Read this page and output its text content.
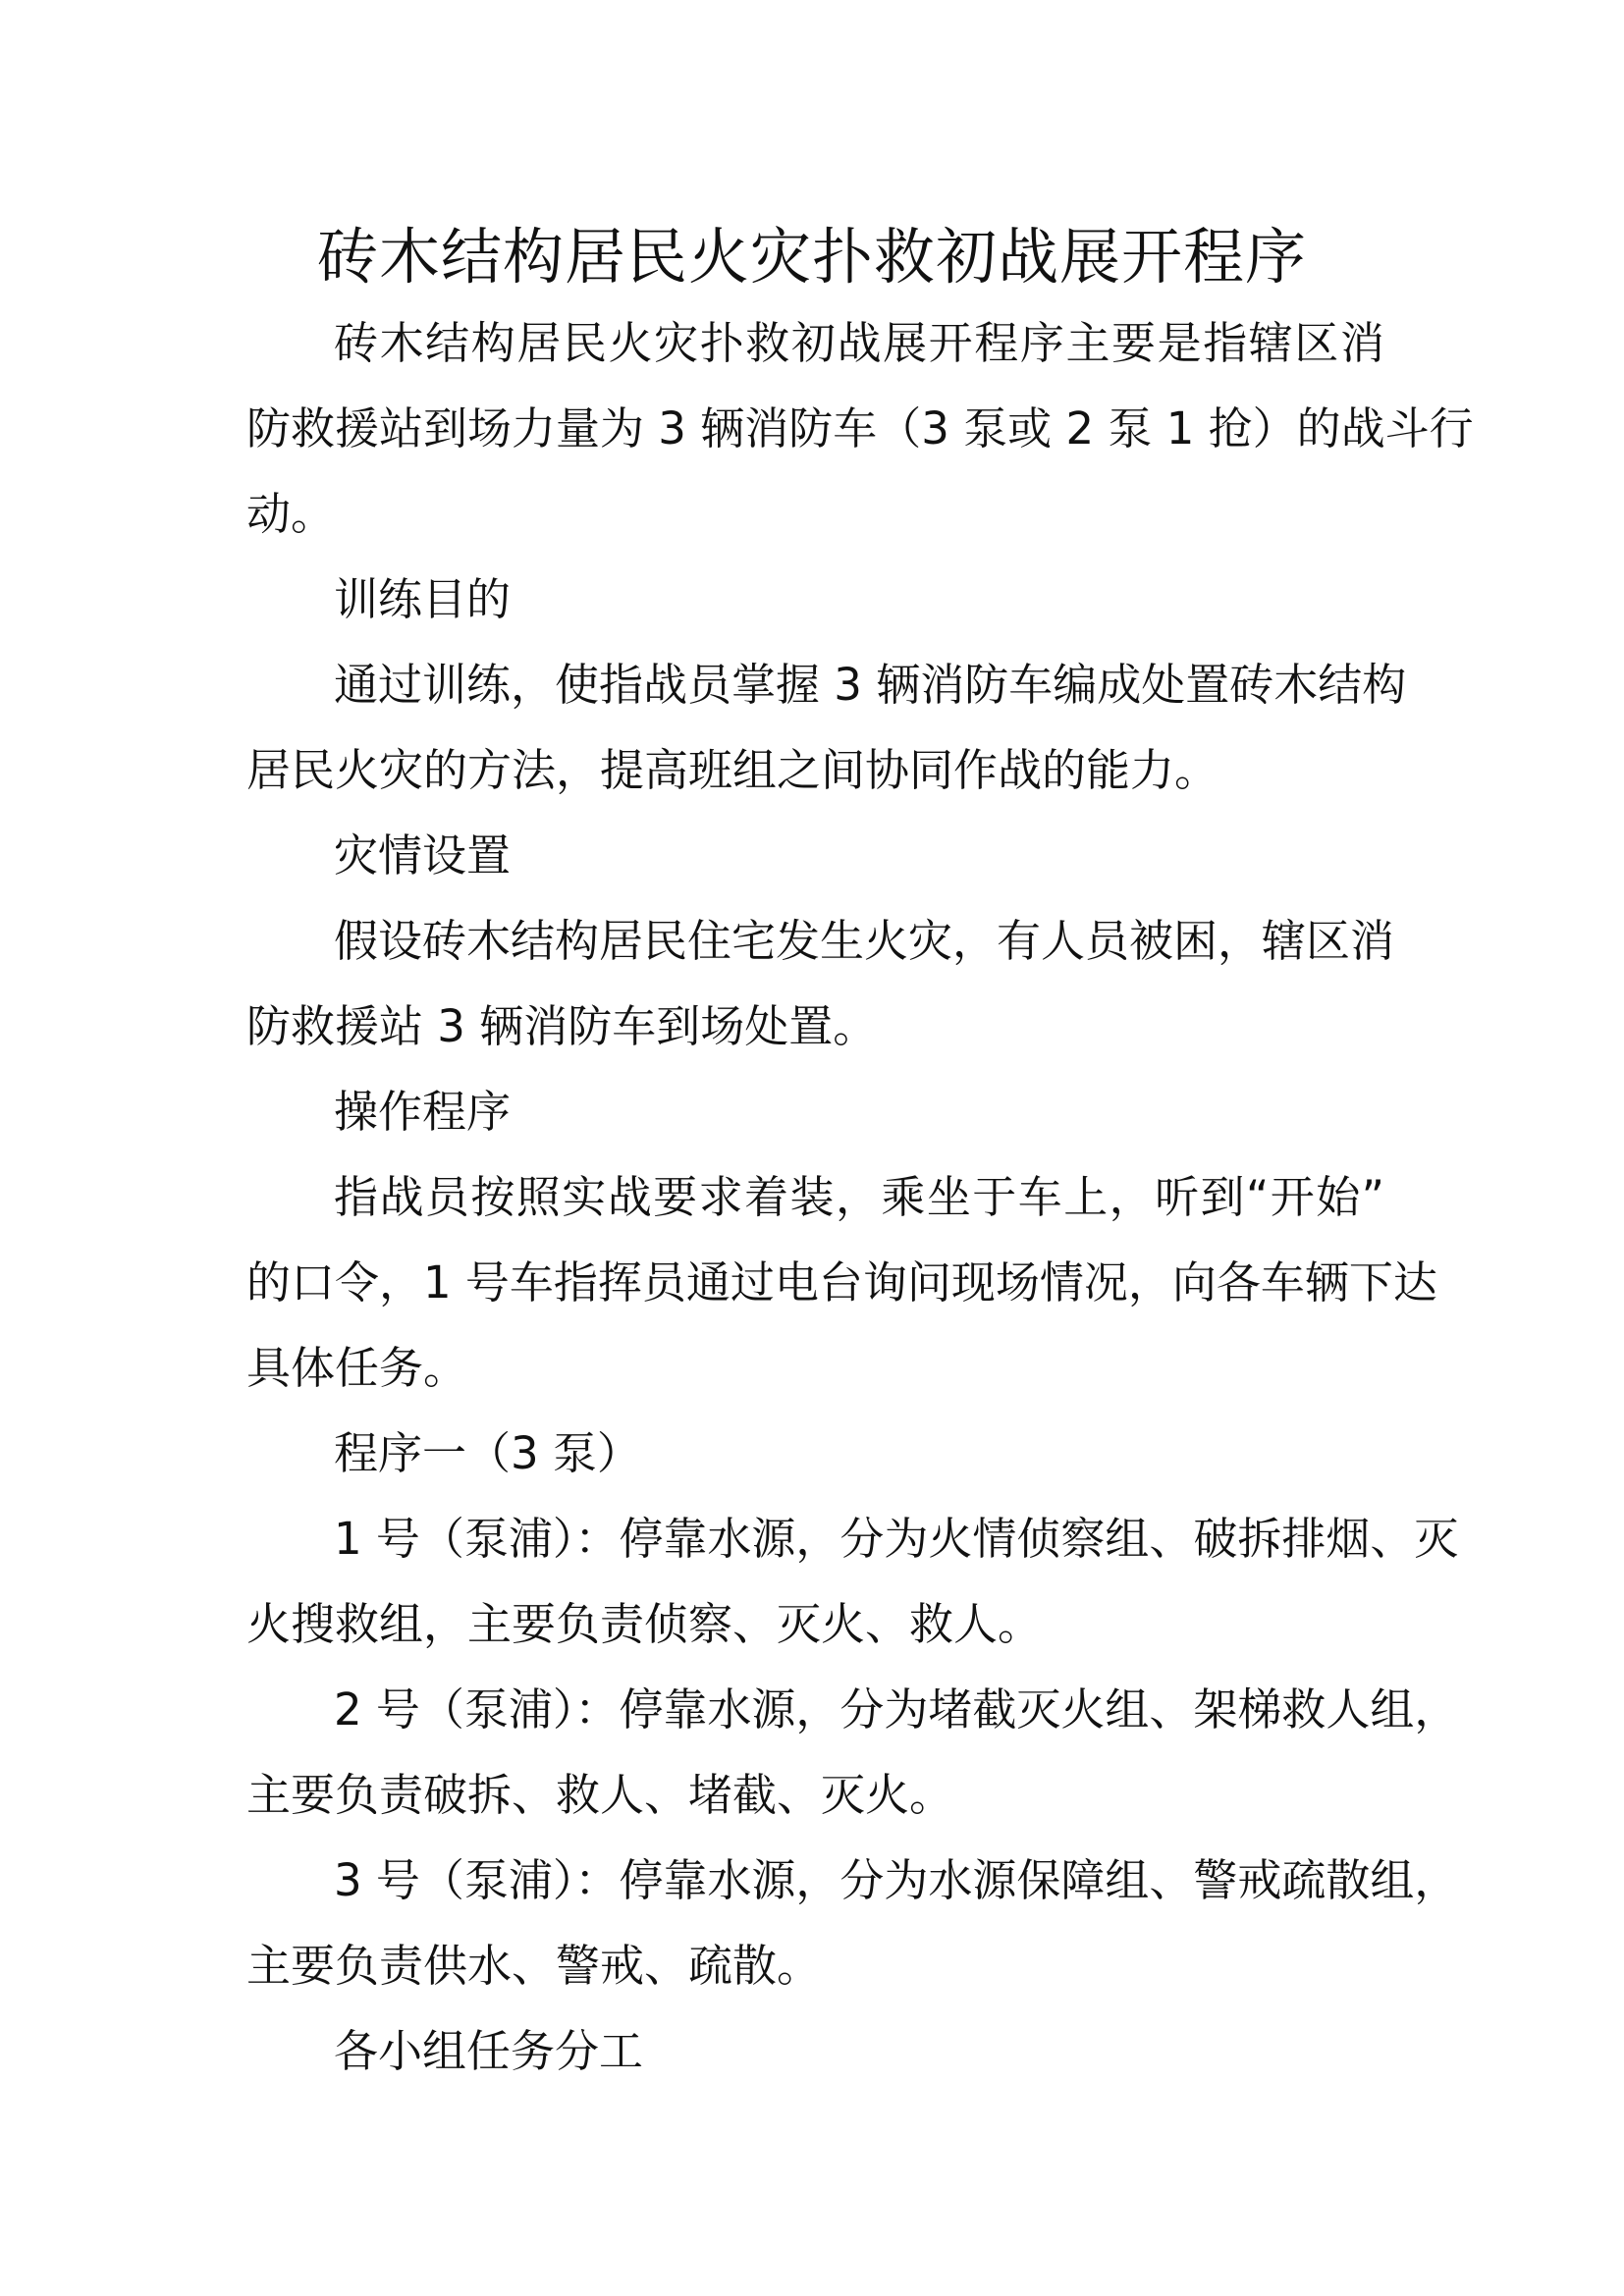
砖木结构居民火灾扑救初战展开程序
砖木结构居民火灾扑救初战展开程序主要是指辖区消
防救援站到场力量为 3 辆消防车（3 泵或 2 泵 1 抢）的战斗行
动。
训练目的
通过训练，使指战员掌握 3 辆消防车编成处置砖木结构
居民火灾的方法，提高班组之间协同作战的能力。
灾情设置
假设砖木结构居民住宅发生火灾，有人员被困，辖区消
防救援站 3 辆消防车到场处置。
操作程序
指战员按照实战要求着装，乘坐于车上，听到“开始”
的口令，1 号车指挥员通过电台询问现场情况，向各车辆下达
具体任务。
程序一（3 泵）
1 号（泵浦）：停靠水源，分为火情侦察组、破拆排烟、灭
火搜救组，主要负责侦察、灭火、救人。
2 号（泵浦）：停靠水源，分为堵截灭火组、架梯救人组，
主要负责破拆、救人、堵截、灭火。
3 号（泵浦）：停靠水源，分为水源保障组、警戒疏散组，
主要负责供水、警戒、疏散。
各小组任务分工
